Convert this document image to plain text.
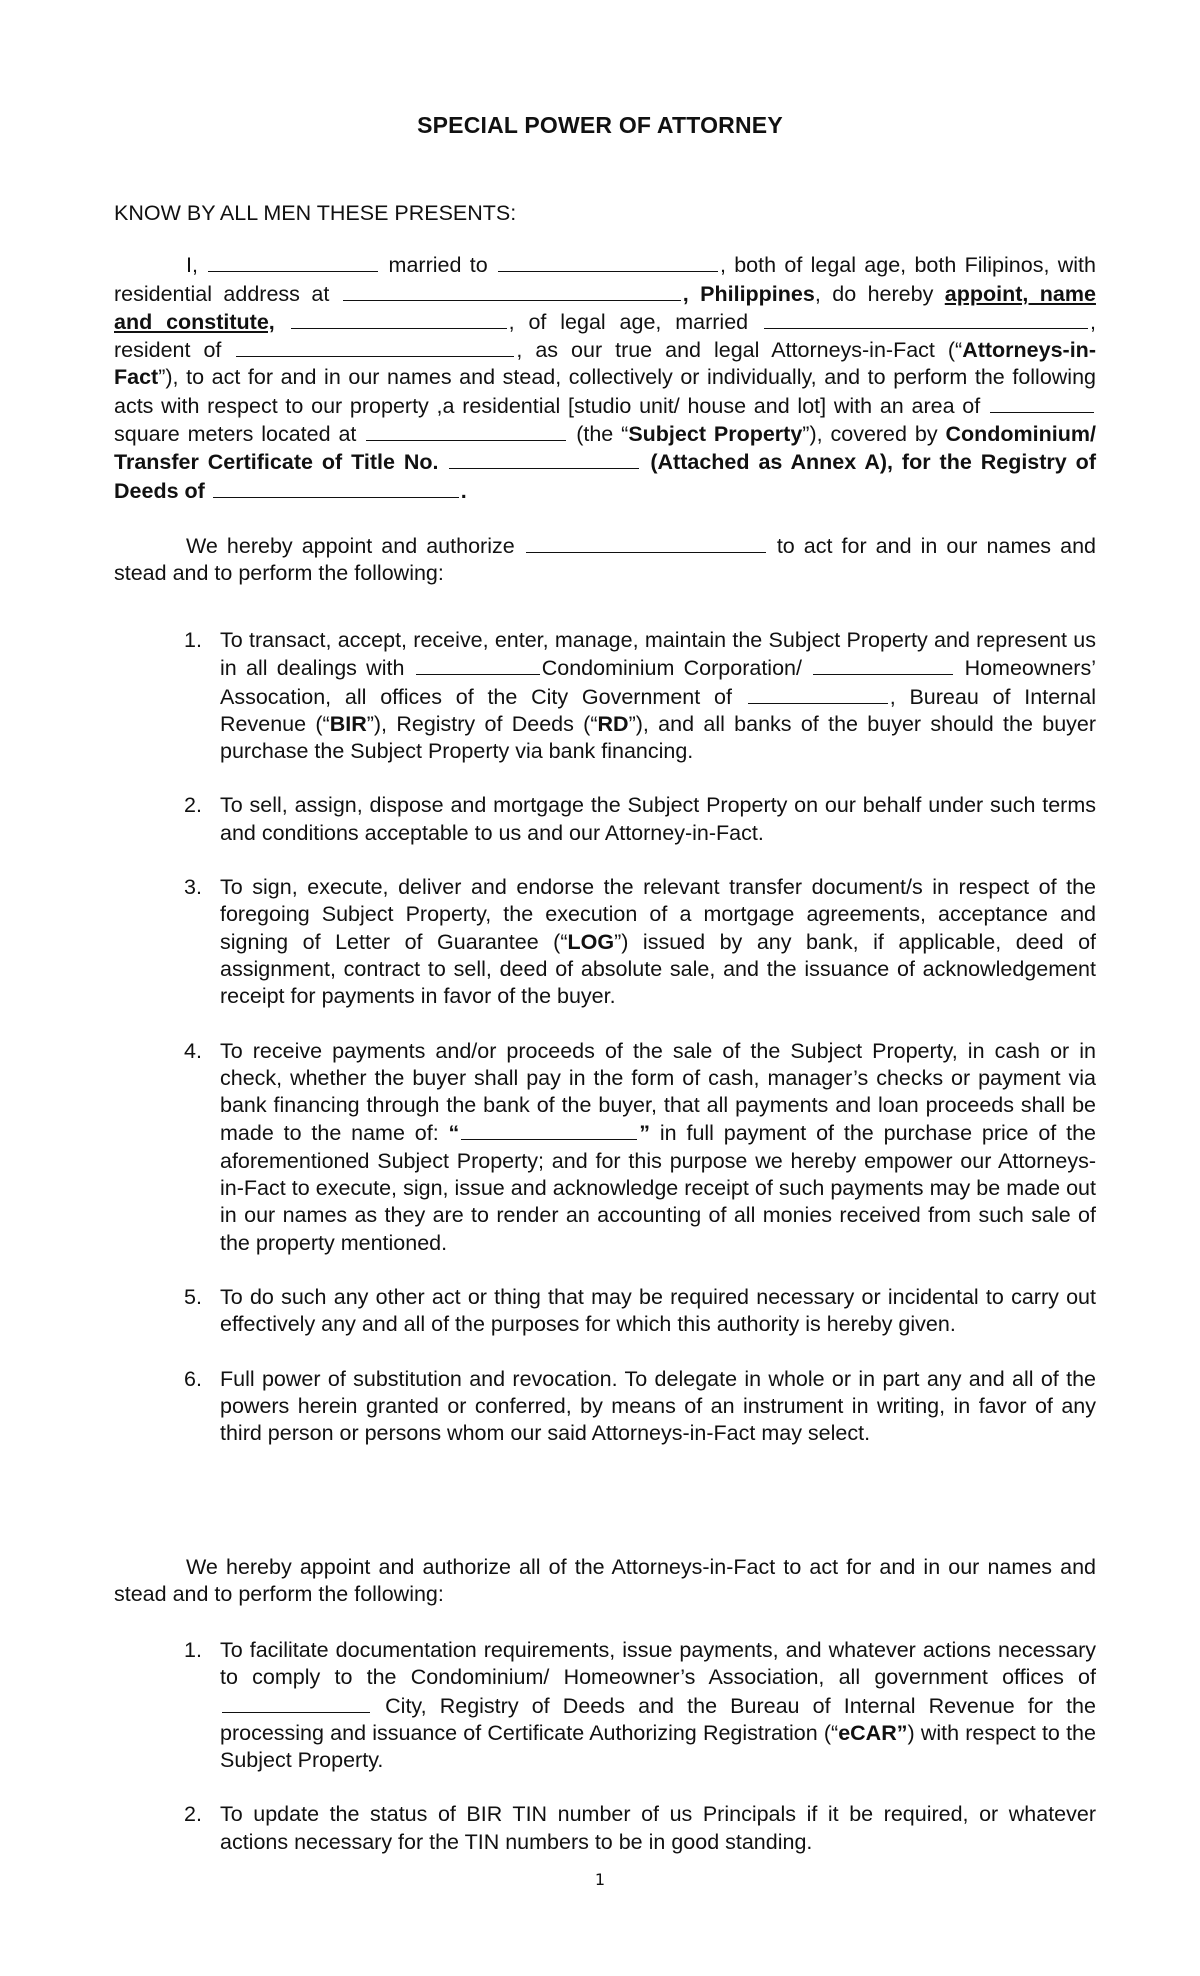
SPECIAL POWER OF ATTORNEY
KNOW BY ALL MEN THESE PRESENTS:
I,	married to	, both of legal age, both Filipinos, with residential address at	, Philippines, do hereby appoint, name and constitute,	, of legal age, married	, resident of	, as our true and legal Attorneys-in-Fact (“Attorneys-in-Fact”), to act for and in our names and stead, collectively or individually, and to perform the following acts with respect to our property ,a residential [studio unit/ house and lot] with an area of  square meters located at	(the “Subject Property”), covered by Condominium/ Transfer Certificate of Title No.	(Attached as Annex A), for the Registry of Deeds of	.
We hereby appoint and authorize	to act for and in our names and stead and to perform the following:
1. To transact, accept, receive, enter, manage, maintain the Subject Property and represent us in all dealings with	Condominium Corporation/	Homeowners’ Assocation, all offices of the City Government of	, Bureau of Internal Revenue (“BIR”), Registry of Deeds (“RD”), and all banks of the buyer should the buyer purchase the Subject Property via bank financing.
2. To sell, assign, dispose and mortgage the Subject Property on our behalf under such terms and conditions acceptable to us and our Attorney-in-Fact.
3. To sign, execute, deliver and endorse the relevant transfer document/s in respect of the foregoing Subject Property, the execution of a mortgage agreements, acceptance and signing of Letter of Guarantee (“LOG”) issued by any bank, if applicable, deed of assignment, contract to sell, deed of absolute sale, and the issuance of acknowledgement receipt for payments in favor of the buyer.
4. To receive payments and/or proceeds of the sale of the Subject Property, in cash or in check, whether the buyer shall pay in the form of cash, manager’s checks or payment via bank financing through the bank of the buyer, that all payments and loan proceeds shall be made to the name of: “	” in full payment of the purchase price of the aforementioned Subject Property; and for this purpose we hereby empower our Attorneys-in-Fact to execute, sign, issue and acknowledge receipt of such payments may be made out in our names as they are to render an accounting of all monies received from such sale of the property mentioned.
5. To do such any other act or thing that may be required necessary or incidental to carry out effectively any and all of the purposes for which this authority is hereby given.
6. Full power of substitution and revocation. To delegate in whole or in part any and all of the powers herein granted or conferred, by means of an instrument in writing, in favor of any third person or persons whom our said Attorneys-in-Fact may select.
We hereby appoint and authorize all of the Attorneys-in-Fact to act for and in our names and stead and to perform the following:
1. To facilitate documentation requirements, issue payments, and whatever actions necessary to comply to the Condominium/ Homeowner’s Association, all government offices of  City, Registry of Deeds and the Bureau of Internal Revenue for the processing and issuance of Certificate Authorizing Registration (“eCAR”) with respect to the Subject Property.
2. To update the status of BIR TIN number of us Principals if it be required, or whatever actions necessary for the TIN numbers to be in good standing.
1
